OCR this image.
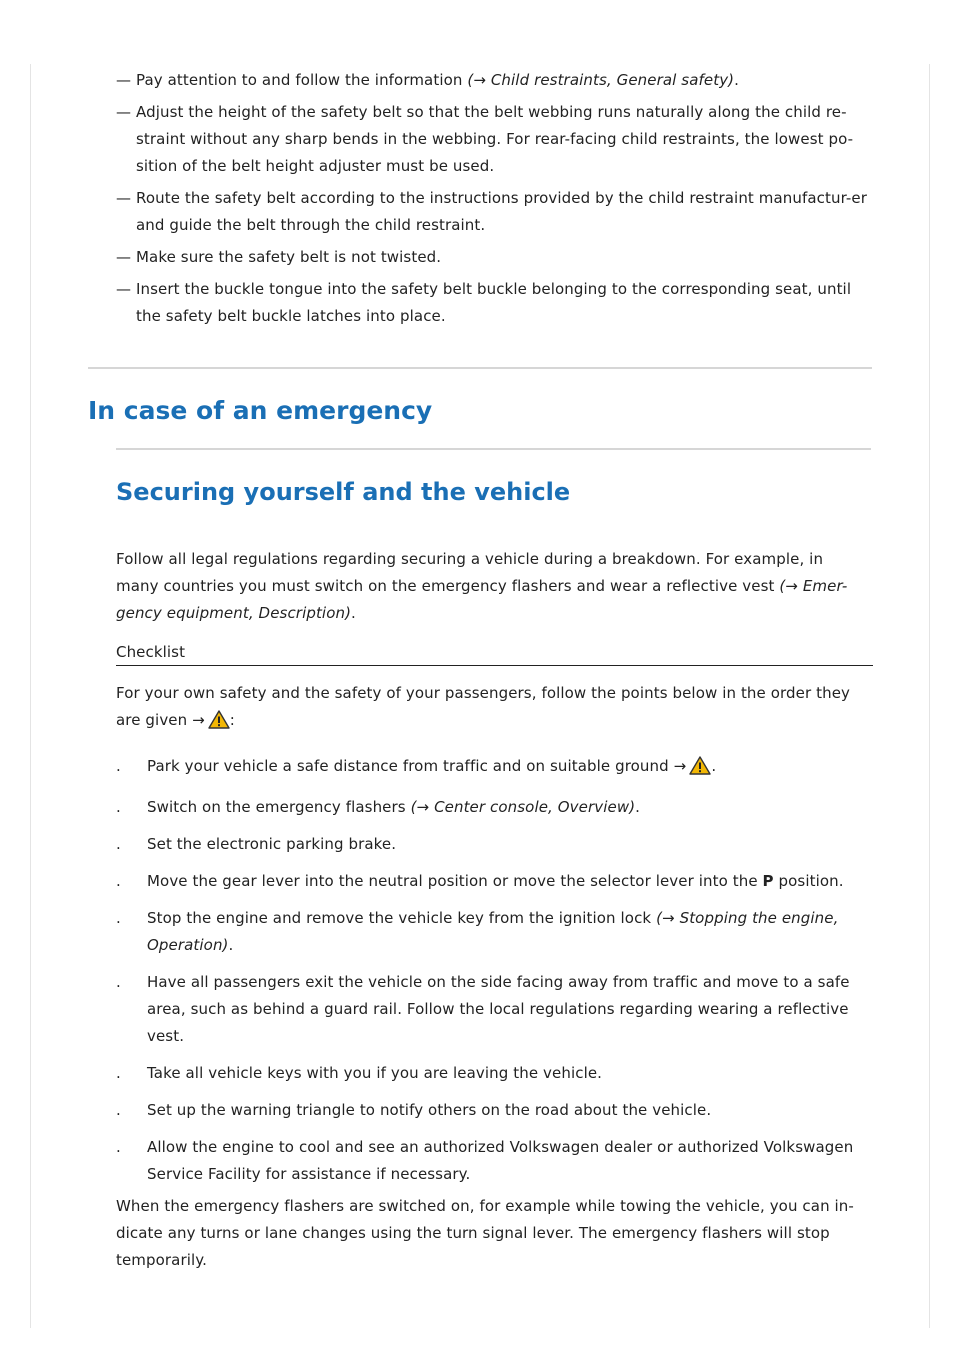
— Pay attention to and follow the information (→ Child restraints, General safety).
— Adjust the height of the safety belt so that the belt webbing runs naturally along the child re-straint without any sharp bends in the webbing. For rear-facing child restraints, the lowest po-sition of the belt height adjuster must be used.
— Route the safety belt according to the instructions provided by the child restraint manufactur-er and guide the belt through the child restraint.
— Make sure the safety belt is not twisted.
— Insert the buckle tongue into the safety belt buckle belonging to the corresponding seat, until the safety belt buckle latches into place.
In case of an emergency
Securing yourself and the vehicle

Follow all legal regulations regarding securing a vehicle during a breakdown. For example, in many countries you must switch on the emergency flashers and wear a reflective vest (→ Emer-gency equipment, Description).

Checklist

For your own safety and the safety of your passengers, follow the points below in the order they are given → :

. Park your vehicle a safe distance from traffic and on suitable ground → .
. Switch on the emergency flashers (→ Center console, Overview).
. Set the electronic parking brake.
. Move the gear lever into the neutral position or move the selector lever into the P position.
. Stop the engine and remove the vehicle key from the ignition lock (→ Stopping the engine, Operation).
. Have all passengers exit the vehicle on the side facing away from traffic and move to a safe area, such as behind a guard rail. Follow the local regulations regarding wearing a reflective vest.
. Take all vehicle keys with you if you are leaving the vehicle.
. Set up the warning triangle to notify others on the road about the vehicle.
. Allow the engine to cool and see an authorized Volkswagen dealer or authorized Volkswagen Service Facility for assistance if necessary.

When the emergency flashers are switched on, for example while towing the vehicle, you can in-dicate any turns or lane changes using the turn signal lever. The emergency flashers will stop temporarily.
